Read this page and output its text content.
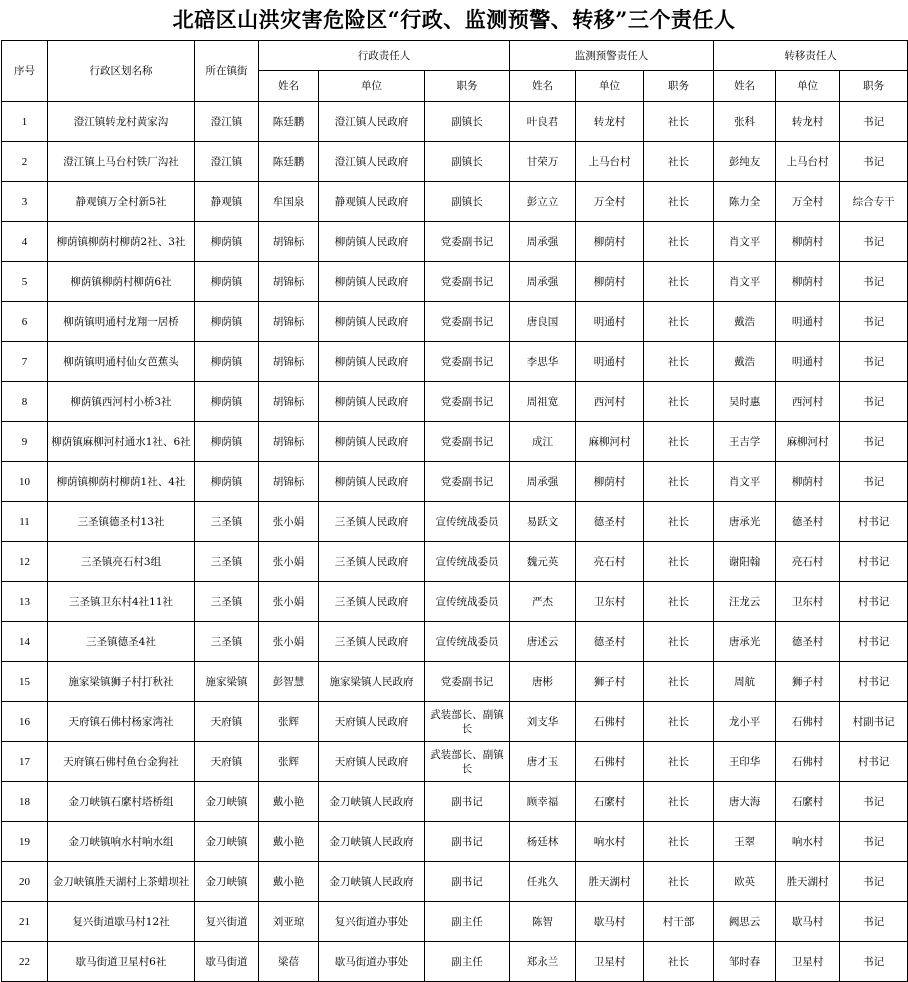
北碚区山洪灾害危险区“行政、监测预警、转移”三个责任人
序号	行政区划名称	所在镇街	行政责任人			监测预警责任人			转移责任人		
			姓名	单位	职务	姓名	单位	职务	姓名	单位	职务
1	澄江镇转龙村黄家沟	澄江镇	陈廷鹏	澄江镇人民政府	副镇长	叶良君	转龙村	社长	张科	转龙村	书记
2	澄江镇上马台村铁厂沟社	澄江镇	陈廷鹏	澄江镇人民政府	副镇长	甘荣万	上马台村	社长	彭纯友	上马台村	书记
3	静观镇万全村新5社	静观镇	牟国泉	静观镇人民政府	副镇长	彭立立	万全村	社长	陈力全	万全村	综合专干
4	柳荫镇柳荫村柳荫2社、3社	柳荫镇	胡锦标	柳荫镇人民政府	党委副书记	周承强	柳荫村	社长	肖文平	柳荫村	书记
5	柳荫镇柳荫村柳荫6社	柳荫镇	胡锦标	柳荫镇人民政府	党委副书记	周承强	柳荫村	社长	肖文平	柳荫村	书记
6	柳荫镇明通村龙翔一居桥	柳荫镇	胡锦标	柳荫镇人民政府	党委副书记	唐良国	明通村	社长	戴浩	明通村	书记
7	柳荫镇明通村仙女芭蕉头	柳荫镇	胡锦标	柳荫镇人民政府	党委副书记	李思华	明通村	社长	戴浩	明通村	书记
8	柳荫镇西河村小桥3社	柳荫镇	胡锦标	柳荫镇人民政府	党委副书记	周祖宽	西河村	社长	吴时惠	西河村	书记
9	柳荫镇麻柳河村通水1社、6社	柳荫镇	胡锦标	柳荫镇人民政府	党委副书记	成江	麻柳河村	社长	王吉学	麻柳河村	书记
10	柳荫镇柳荫村柳荫1社、4社	柳荫镇	胡锦标	柳荫镇人民政府	党委副书记	周承强	柳荫村	社长	肖文平	柳荫村	书记
11	三圣镇德圣村13社	三圣镇	张小娟	三圣镇人民政府	宣传统战委员	易跃文	德圣村	社长	唐承光	德圣村	村书记
12	三圣镇亮石村3组	三圣镇	张小娟	三圣镇人民政府	宣传统战委员	魏元英	亮石村	社长	谢阳翰	亮石村	村书记
13	三圣镇卫东村4社11社	三圣镇	张小娟	三圣镇人民政府	宣传统战委员	严杰	卫东村	社长	汪龙云	卫东村	村书记
14	三圣镇德圣4社	三圣镇	张小娟	三圣镇人民政府	宣传统战委员	唐述云	德圣村	社长	唐承光	德圣村	村书记
15	施家梁镇狮子村打秋社	施家梁镇	彭智慧	施家梁镇人民政府	党委副书记	唐彬	狮子村	社长	周航	狮子村	村书记
16	天府镇石佛村杨家湾社	天府镇	张辉	天府镇人民政府	武装部长、副镇长	刘支华	石佛村	社长	龙小平	石佛村	村副书记
17	天府镇石佛村鱼台金狗社	天府镇	张辉	天府镇人民政府	武装部长、副镇长	唐才玉	石佛村	社长	王印华	石佛村	村书记
18	金刀峡镇石縻村塔桥组	金刀峡镇	戴小艳	金刀峡镇人民政府	副书记	顾幸福	石縻村	社长	唐大海	石縻村	书记
19	金刀峡镇响水村响水组	金刀峡镇	戴小艳	金刀峡镇人民政府	副书记	杨廷林	响水村	社长	王翠	响水村	书记
20	金刀峡镇胜天湖村上茶蜡坝社	金刀峡镇	戴小艳	金刀峡镇人民政府	副书记	任兆久	胜天湖村	社长	欧英	胜天湖村	书记
21	复兴街道歇马村12社	复兴街道	刘亚琼	复兴街道办事处	副主任	陈智	歇马村	村干部	阙思云	歇马村	书记
22	歇马街道卫星村6社	歇马街道	梁蓓	歇马街道办事处	副主任	郑永兰	卫星村	社长	邹时春	卫星村	书记
